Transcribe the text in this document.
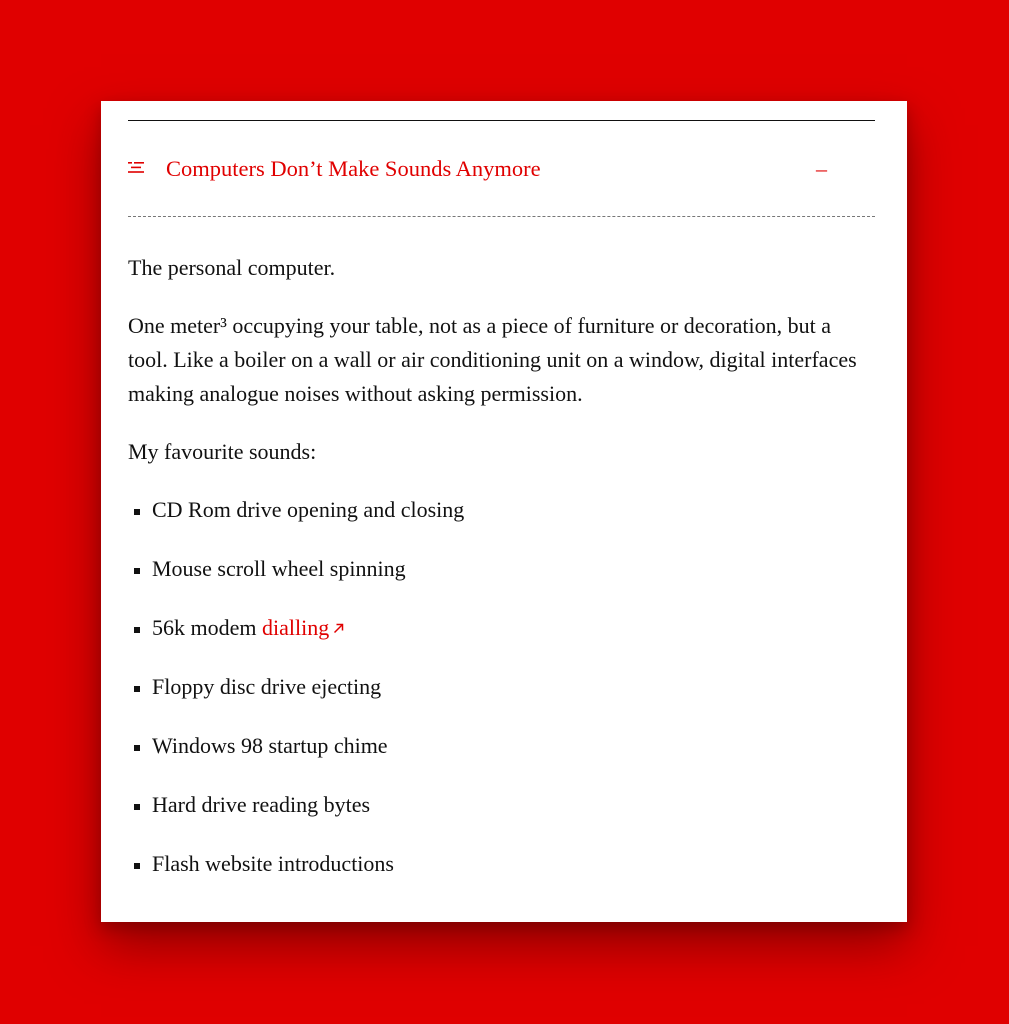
Computers Don’t Make Sounds Anymore	–

The personal computer.

One meter³ occupying your table, not as a piece of furniture or decoration, but a tool. Like a boiler on a wall or air conditioning unit on a window, digital interfaces making analogue noises without asking permission.

My favourite sounds:

CD Rom drive opening and closing
Mouse scroll wheel spinning
56k modem dialling
Floppy disc drive ejecting
Windows 98 startup chime
Hard drive reading bytes
Flash website introductions
